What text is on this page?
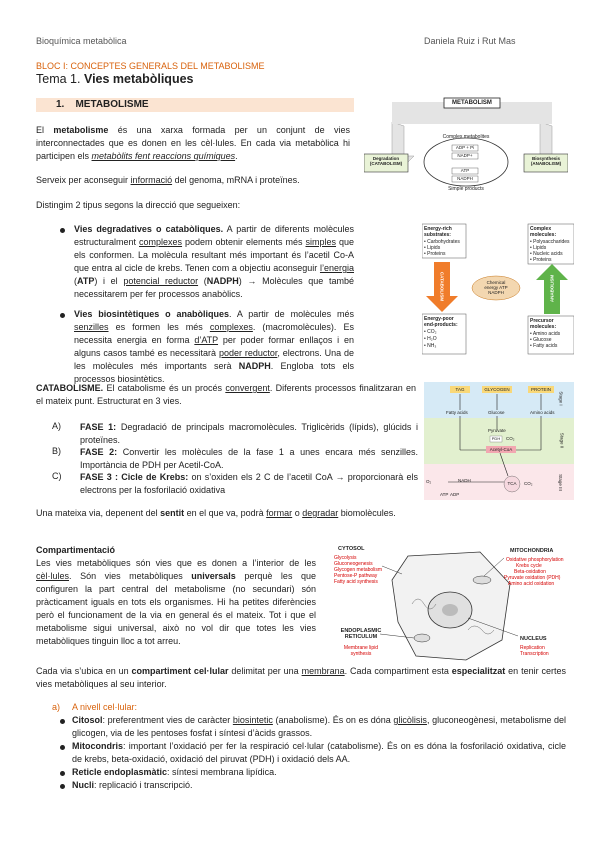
Bioquímica metabòlica	Daniela Ruiz i Rut Mas
BLOC I: CONCEPTES GENERALS DEL METABOLISME
Tema 1. Vies metabòliques
1.    METABOLISME

El metabolisme és una xarxa formada per un conjunt de vies interconnectades que es donen en les cèl·lules. En cada via metabòlica hi participen els metabòlits fent reaccions químiques.

Serveix per aconseguir informació del genoma, mRNA i proteïnes.

Distingim 2 tipus segons la direcció que segueixen:

Vies degradatives o catabòliques. A partir de diferents molècules estructuralment complexes podem obtenir elements més simples que els conformen. La molècula resultant més important és l’acetil Co-A que entra al cicle de krebs. Tenen com a objectiu aconseguir l’energia (ATP) i el potencial reductor (NADPH) → Molècules que també necessitarem per fer processos anabòlics.

Vies biosintètiques o anabòliques. A partir de molècules més senzilles es formen les més complexes. (macromolècules). Es necessita energia en forma d’ATP per poder formar enllaços i en alguns casos també es necessitarà poder reductor, electrons. Una de les molècules més importants serà NADPH. Engloba tots els processos biosintètics.

CATABOLISME. El catabolisme és un procés convergent. Diferents processos finalitzaran en el mateix punt. Estructurat en 3 vies.

A) FASE 1: Degradació de principals macromolècules. Triglicèrids (lípids), glúcids i proteïnes.

B) FASE 2: Convertir les molècules de la fase 1 a unes encara més senzilles. Importància de PDH per Acetil-CoA.

C) FASE 3 : Cicle de Krebs: on s’oxiden els 2 C de l’acetil CoA → proporcionarà els electrons per la fosforilació oxidativa

Una mateixa via, depenent del sentit en el que va, podrà formar o degradar biomolècules.

Compartimentació

Les vies metabòliques són vies que es donen a l’interior de les cèl·lules. Són vies metabòliques universals perquè les que configuren la part central del metabolisme (no secundari) són pràcticament iguals en tots els organismes. Hi ha petites diferències però el funcionament de la via en general és el mateix. Tot i que el metabolisme sigui universal, això no vol dir que totes les vies metabòliques tinguin lloc a tot arreu.

Cada via s’ubica en un compartiment cel·lular delimitat per una membrana. Cada compartiment esta especialitzat en tenir certes vies metabòliques al seu interior.

a) A nivell cel·lular:

Citosol: preferentment vies de caràcter biosintetic (anabolisme). És on es dóna glicòlisis, gluconeogènesi, metabolisme del glicogen, via de les pentoses fosfat i síntesi d’àcids grassos.

Mitocondris: important l’oxidació per fer la respiració cel·lular (catabolisme). És on es dóna la fosforilació oxidativa, cicle de krebs, beta-oxidació, oxidació del piruvat (PDH) i oxidació dels AA.

Reticle endoplasmàtic: síntesi membrana lipídica.

Nucli: replicació i transcripció.

METABOLISM
Complex metabolites
ADP + Pi
NADP+
ATP
NADPH
Simple products
Degradation (CATABOLISM)
Biosynthesis (ANABOLISM)
Energy-rich substrates:
• Carbohydrates
• Lipids
• Proteins
Complex molecules:
• Polysaccharides
• Lipids
• Nucleic acids
• Proteins
Energy-poor end-products:
• CO₂
• H₂O
• NH₃
Precursor molecules:
• Amino acids
• Glucose
• Fatty acids
Chemical energy ATP NADPH
CATABOLISM	ANABOLISM
TAG	GLYCOGEN	PROTEIN
Fatty acids	Glucose	Amino acids
Pyruvate
PDH	CO₂
Acetyl-CoA
TCA
NADH
ATP ADP
CO₂
O₂
Stage I
Stage II
Stage III
CYTOSOL
Glycolysis
Gluconeogenesis
Glycogen metabolism
Pentose-P pathway
Fatty acid synthesis
MITOCHONDRIA
Oxidative phosphorylation
Krebs cycle
Beta-oxidation
Pyruvate oxidation (PDH)
Amino acid oxidation
ENDOPLASMIC RETICULUM
Membrane lipid
synthesis
NUCLEUS
Replication
Transcription
